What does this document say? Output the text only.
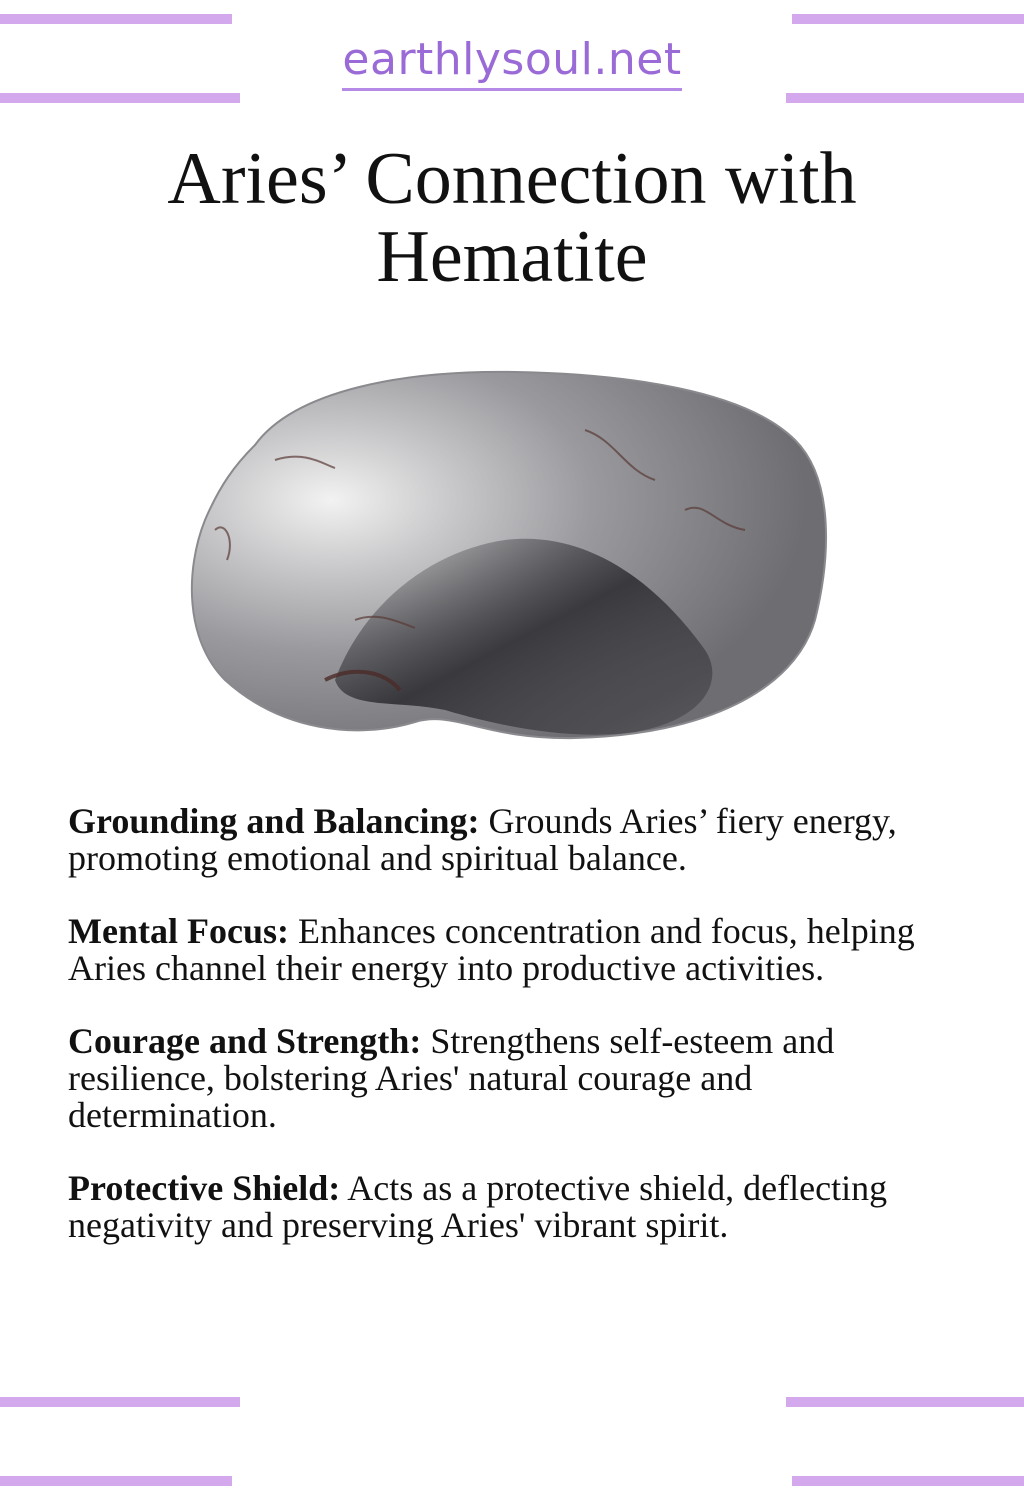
earthlysoul.net
Aries’ Connection with
Hematite

Grounding and Balancing: Grounds Aries’ fiery energy, promoting emotional and spiritual balance.

Mental Focus: Enhances concentration and focus, helping Aries channel their energy into productive activities.

Courage and Strength: Strengthens self-esteem and resilience, bolstering Aries' natural courage and determination.

Protective Shield: Acts as a protective shield, deflecting negativity and preserving Aries' vibrant spirit.
